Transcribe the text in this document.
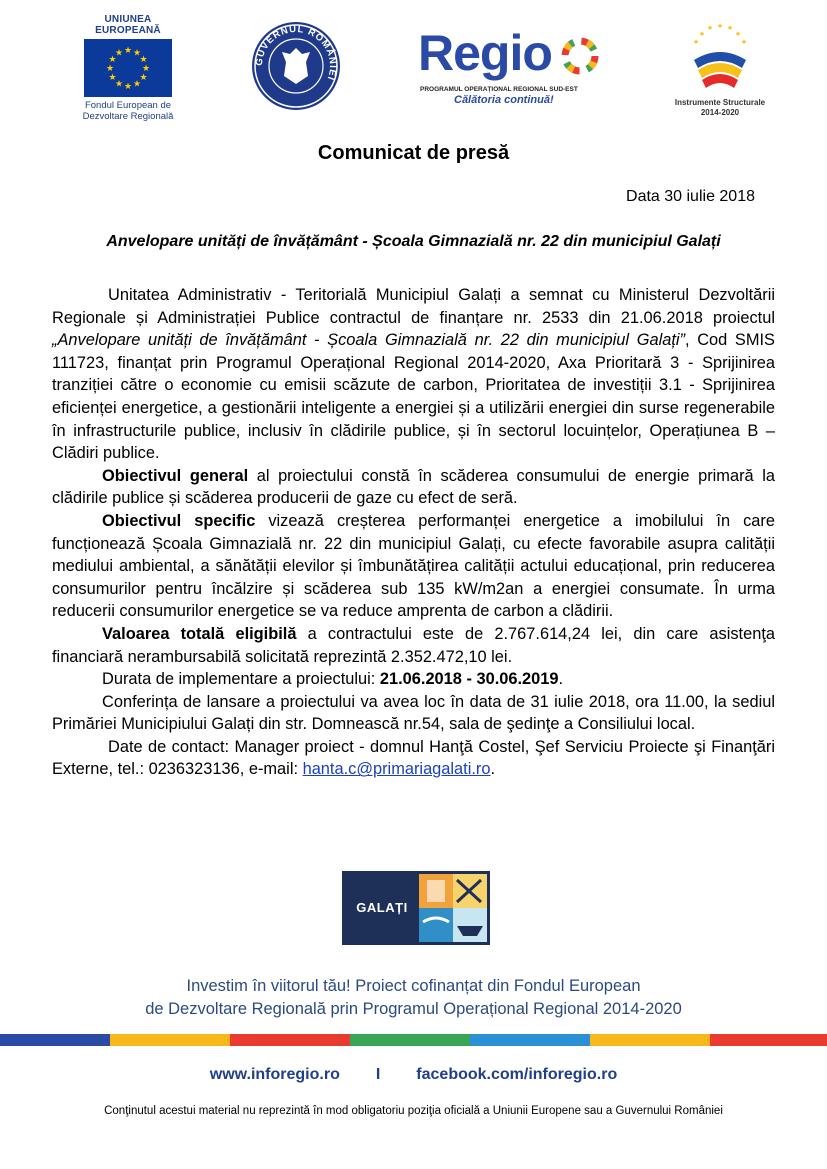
UNIUNEA EUROPEANĂ
★ ★
★
★
★
★
★
★
★
★
★
★
Fondul European de
Dezvoltare Regională
GUVERNUL ROMÂNIEI Regio
PROGRAMUL OPERAȚIONAL REGIONAL SUD-EST
Călătoria continuă!
★
★ ★ ★
★
★	★
Instrumente Structurale
2014-2020
Comunicat de presă
Data 30 iulie 2018
Anvelopare unități de învățământ - Școala Gimnazială nr. 22 din municipiul Galați

Unitatea Administrativ - Teritorială Municipiul Galați a semnat cu Ministerul Dezvoltării Regionale și Administrației Publice contractul de finanțare nr. 2533 din 21.06.2018 proiectul „Anvelopare unități de învățământ - Școala Gimnazială nr. 22 din municipiul Galați”, Cod SMIS 111723, finanțat prin Programul Operațional Regional 2014-2020, Axa Prioritară 3 - Sprijinirea tranziției către o economie cu emisii scăzute de carbon, Prioritatea de investiții 3.1 - Sprijinirea eficienței energetice, a gestionării inteligente a energiei și a utilizării energiei din surse regenerabile în infrastructurile publice, inclusiv în clădirile publice, și în sectorul locuințelor, Operațiunea B – Clădiri publice.

Obiectivul general al proiectului constă în scăderea consumului de energie primară la clădirile publice și scăderea producerii de gaze cu efect de seră.

Obiectivul specific vizează creșterea performanței energetice a imobilului în care funcționează Școala Gimnazială nr. 22 din municipiul Galați, cu efecte favorabile asupra calității mediului ambiental, a sănătății elevilor și îmbunătățirea calității actului educațional, prin reducerea consumurilor pentru încălzire și scăderea sub 135 kW/m2an a energiei consumate. În urma reducerii consumurilor energetice se va reduce amprenta de carbon a clădirii.

Valoarea totală eligibilă a contractului este de 2.767.614,24 lei, din care asistenţa financiară nerambursabilă solicitată reprezintă 2.352.472,10 lei.

Durata de implementare a proiectului: 21.06.2018 - 30.06.2019.

Conferința de lansare a proiectului va avea loc în data de 31 iulie 2018, ora 11.00, la sediul Primăriei Municipiului Galați din str. Domnească nr.54, sala de şedinţe a Consiliului local.

Date de contact: Manager proiect - domnul Hanţă Costel, Şef Serviciu Proiecte şi Finanţări Externe, tel.: 0236323136, e-mail: hanta.c@primariagalati.ro.

GALAȚI
Investim în viitorul tău! Proiect cofinanțat din Fondul European
de Dezvoltare Regională prin Programul Operațional Regional 2014-2020
www.inforegio.ro I facebook.com/inforegio.ro
Conţinutul acestui material nu reprezintă în mod obligatoriu poziţia oficială a Uniunii Europene sau a Guvernului României
